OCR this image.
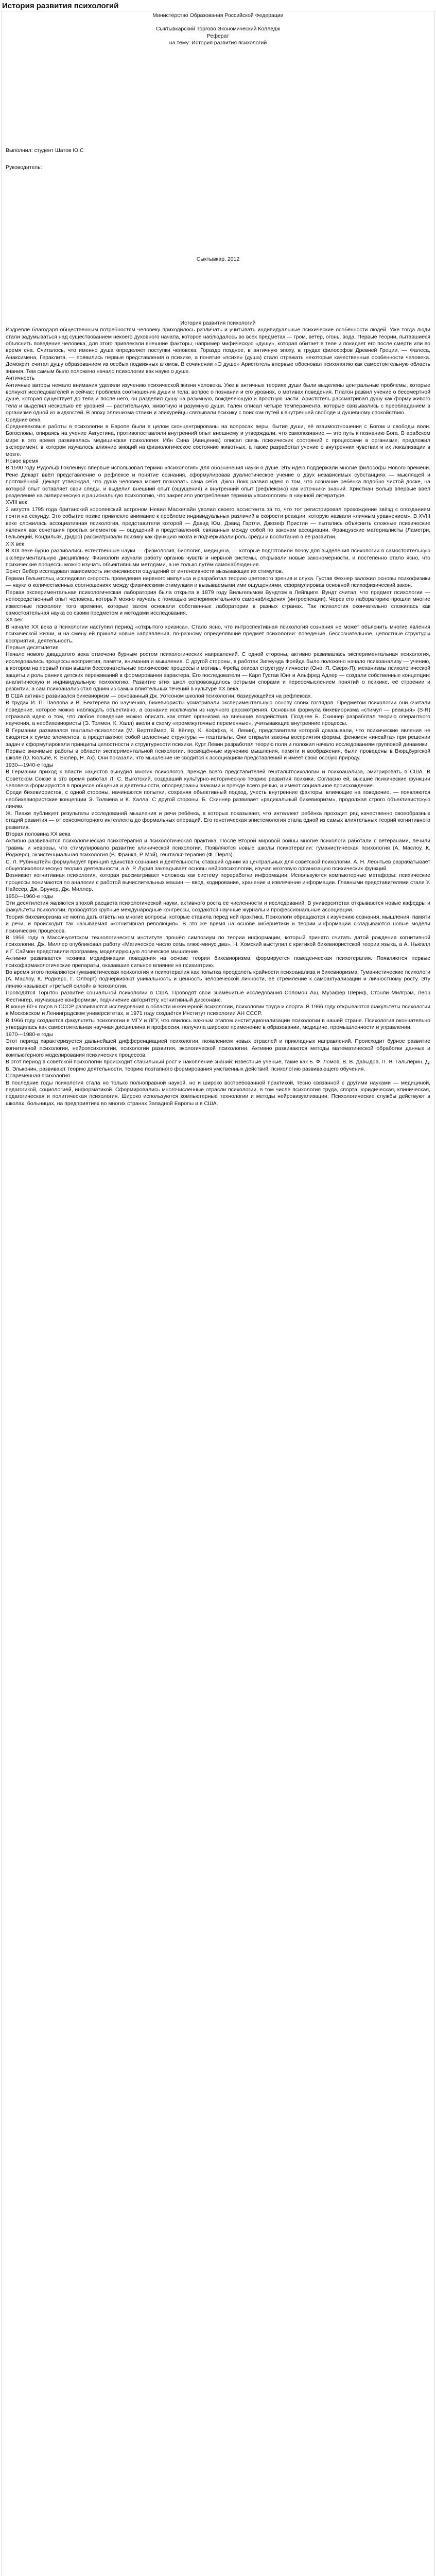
История развития психологий

Министерство Образования Российской Федерации

Сыктывкарский Торгово Экономический Колледж

Реферат

на тему: История развития психологий

Выполнил: студент Шатов Ю.С

Руководитель:

Сыктывкар, 2012

История развития психологий

Издревле благодаря общественным потребностям человеку приходилось различать и учитывать индивидуальные психические особенности людей. Уже тогда люди стали задумываться над существованием некоего духовного начала, которое наблюдалось во всех предметах — гром, ветер, огонь, вода. Первые теории, пытавшиеся объяснить поведение человека, для этого привлекали внешние факторы, например мифическую «душу», которая обитает в теле и покидает его после смерти или во время сна. Считалось, что именно душа определяет поступки человека. Гораздо позднее, в античную эпоху, в трудах философов Древней Греции, — Фалеса, Анаксимена, Гераклита, — появились первые представления о психике, а понятие «психе» (душа) стало отражать некоторые качественные особенности человека. Демокрит считал душу образованием из особых подвижных атомов. В сочинении «О душе» Аристотель впервые обосновал психологию как самостоятельную область знания. Тем самым было положено начало психологии как науке о душе.

Античность

Античные авторы немало внимания уделяли изучению психической жизни человека. Уже в античных теориях души были выделены центральные проблемы, которые волнуют исследователей и сейчас: проблема соотношения души и тела, вопрос о познании и его уровнях, о мотивах поведения. Платон развил учение о бессмертной душе, которая существует до тела и после него, он разделил душу на разумную, вожделеющую и яростную части. Аристотель рассматривал душу как форму живого тела и выделил несколько её уровней — растительную, животную и разумную души. Гален описал четыре темперамента, которые связывались с преобладанием в организме одной из жидкостей. В эпоху эллинизма стоики и эпикурейцы связывали психику с поиском путей к внутренней свободе и душевному спокойствию.

Средние века

Средневековые работы в психологии в Европе были в целом сконцентрированы на вопросах веры, бытия души, её взаимоотношения с Богом и свободы воли. Богословы, опираясь на учение Августина, противопоставляли внутренний опыт внешнему и утверждали, что самопознание — это путь к познанию Бога. В арабском мире в это время развивалась медицинская психология: Ибн Сина (Авиценна) описал связь психических состояний с процессами в организме, предложил эксперимент, в котором изучалось влияние эмоций на физиологическое состояние животных, а также разработал учение о внутренних чувствах и их локализации в мозге.

Новое время

В 1590 году Рудольф Гоклениус впервые использовал термин «психология» для обозначения науки о душе. Эту идею поддержали многие философы Нового времени. Рене Декарт ввёл представление о рефлексе и понятие сознания, сформулировав дуалистическое учение о двух независимых субстанциях — мыслящей и протяжённой. Декарт утверждал, что душа человека может познавать сама себя. Джон Локк развил идею о том, что сознание ребёнка подобно чистой доске, на которой опыт оставляет свои следы, и выделил внешний опыт (ощущения) и внутренний опыт (рефлексию) как источники знаний. Христиан Вольф впервые ввёл разделение на эмпирическую и рациональную психологию, что закрепило употребление термина «психология» в научной литературе.

XVIII век

2 августа 1795 года британский королевский астроном Невил Маскелайн уволил своего ассистента за то, что тот регистрировал прохождение звёзд с опозданием почти на секунду. Это событие позже привлекло внимание к проблеме индивидуальных различий в скорости реакции, которую назвали «личным уравнением». В XVIII веке сложилась ассоциативная психология, представители которой — Давид Юм, Дэвид Гартли, Джозеф Пристли — пытались объяснить сложные психические явления как сочетания простых элементов — ощущений и представлений, связанных между собой по законам ассоциации. Французские материалисты (Ламетри, Гельвеций, Кондильяк, Дидро) рассматривали психику как функцию мозга и подчёркивали роль среды и воспитания в её развитии.

XIX век

В XIX веке бурно развивались естественные науки — физиология, биология, медицина, — которые подготовили почву для выделения психологии в самостоятельную экспериментальную дисциплину. Физиологи изучали работу органов чувств и нервной системы, открывали новые закономерности, и постепенно стало ясно, что психические процессы можно изучать объективными методами, а не только путём самонаблюдения.

Эрнст Вебер исследовал зависимость интенсивности ощущений от интенсивности вызывающих их стимулов.

Герман Гельмгольц исследовал скорость проведения нервного импульса и разработал теорию цветового зрения и слуха. Густав Фехнер заложил основы психофизики — науки о количественных соотношениях между физическими стимулами и вызываемыми ими ощущениями, сформулировав основной психофизический закон.

Первая экспериментальная психологическая лаборатория была открыта в 1879 году Вильгельмом Вундтом в Лейпциге. Вундт считал, что предмет психологии — непосредственный опыт человека, который можно изучать с помощью экспериментального самонаблюдения (интроспекции). Через его лабораторию прошли многие известные психологи того времени, которые затем основали собственные лаборатории в разных странах. Так психология окончательно сложилась как самостоятельная наука со своим предметом и методами исследования.

XX век

В начале XX века в психологии наступил период «открытого кризиса». Стало ясно, что интроспективная психология сознания не может объяснить многие явления психической жизни, и на смену ей пришли новые направления, по-разному определявшие предмет психологии: поведение, бессознательное, целостные структуры восприятия, деятельность.

Первые десятилетия

Начало нового двадцатого века отмечено бурным ростом психологических направлений. С одной стороны, активно развивалась экспериментальная психология, исследовались процессы восприятия, памяти, внимания и мышления. С другой стороны, в работах Зигмунда Фрейда было положено начало психоанализу — учению, в котором на первый план вышли бессознательные психические процессы и мотивы. Фрейд описал структуру личности (Оно, Я, Сверх-Я), механизмы психологической защиты и роль ранних детских переживаний в формировании характера. Его последователи — Карл Густав Юнг и Альфред Адлер — создали собственные концепции: аналитическую и индивидуальную психологию. Развитие этих школ сопровождалось острыми спорами и переосмыслением понятий о психике, её строении и развитии, а сам психоанализ стал одним из самых влиятельных течений в культуре XX века.

В США активно развивался бихевиоризм — основанный Дж. Уотсоном школой психологии, базирующейся на рефлексах.

В трудах И. П. Павлова и В. Бехтерева по научению, бихевиористы усматривали экспериментальную основу своих взглядов. Предметом психологии они считали поведение, которое можно наблюдать объективно, а сознание исключали из научного рассмотрения. Основная формула бихевиоризма «стимул — реакция» (S-R) отражала идею о том, что любое поведение можно описать как ответ организма на внешние воздействия. Позднее Б. Скиннер разработал теорию оперантного научения, а необихевиористы (Э. Толмен, К. Халл) ввели в схему «промежуточные переменные», учитывающие внутренние процессы.

В Германии развивался гештальт-психологии (М. Вертгеймер, В. Кёлер, К. Коффка, К. Левин), представители которой доказывали, что психические явления не сводятся к сумме элементов, а представляют собой целостные структуры — гештальты. Они открыли законы восприятия формы, феномен «инсайта» при решении задач и сформулировали принципы целостности и структурности психики. Курт Левин разработал теорию поля и положил начало исследованиям групповой динамики.

Первые значимые работы в области экспериментальной психологии, посвящённые изучению мышления, памяти и воображения, были проведены в Вюрцбургской школе (О. Кюльпе, К. Бюлер, Н. Ах). Они показали, что мышление не сводится к ассоциациям представлений и имеет свою особую природу.

1930—1940-е годы

В Германии приход к власти нацистов вынудил многих психологов, прежде всего представителей гештальтпсихологии и психоанализа, эмигрировать в США. В Советском Союзе в это время работал Л. С. Выготский, создавший культурно-историческую теорию развития психики. Согласно ей, высшие психические функции человека формируются в процессе общения и деятельности, опосредованы знаками и прежде всего речью, и имеют социальное происхождение.

Среди бихевиористов, с одной стороны, начинаются попытки, сохраняя объективный подход, учесть внутренние факторы, влияющие на поведение, — появляются необихевиористские концепции Э. Толмена и К. Халла. С другой стороны, Б. Скиннер развивает «радикальный бихевиоризм», продолжая строго объективистскую линию.

Ж. Пиаже публикует результаты исследований мышления и речи ребёнка, в которых показывает, что интеллект ребёнка проходит ряд качественно своеобразных стадий развития — от сенсомоторного интеллекта до формальных операций. Его генетическая эпистемология стала одной из самых влиятельных теорий когнитивного развития.

Вторая половина XX века

Активно развиваются психологическая психотерапия и психологическая практика. После Второй мировой войны многие психологи работали с ветеранами, лечили травмы и неврозы, что стимулировало развитие клинической психологии. Появляются новые школы психотерапии: гуманистическая психология (А. Маслоу, К. Роджерс), экзистенциальная психология (В. Франкл, Р. Мэй), гештальт-терапия (Ф. Перлз).

С. Л. Рубинштейн формулирует принцип единства сознания и деятельности, ставший одним из центральных для советской психологии. А. Н. Леонтьев разрабатывает общепсихологическую теорию деятельности, а А. Р. Лурия закладывает основы нейропсихологии, изучая мозговую организацию психических функций.

Возникает когнитивная психология, которая рассматривает человека как систему переработки информации. Используются компьютерные метафоры: психические процессы понимаются по аналогии с работой вычислительных машин — ввод, кодирование, хранение и извлечение информации. Главными представителями стали У. Найссер, Дж. Брунер, Дж. Миллер.

1950—1960-е годы

Эти десятилетия являются эпохой расцвета психологической науки, активного роста ее численности и исследований. В университетах открываются новые кафедры и факультеты психологии, проводятся крупные международные конгрессы, создаются научные журналы и профессиональные ассоциации.

Теория бихевиоризма не могла дать ответы на многие вопросы, которые ставила перед ней практика. Психологи обращаются к изучению сознания, мышления, памяти и речи, и происходит так называемая «когнитивная революция». В это же время на основе кибернетики и теории информации складываются новые модели психических процессов.

В 1956 году в Массачусетском технологическом институте прошёл симпозиум по теории информации, который принято считать датой рождения когнитивной психологии. Дж. Миллер опубликовал работу «Магическое число семь плюс-минус два», Н. Хомский выступил с критикой бихевиористской теории языка, а А. Ньюэлл и Г. Саймон представили программу, моделирующую логическое мышление.

Активно развивается техника модификации поведения на основе теории бихевиоризма, формируется поведенческая психотерапия. Появляются первые психофармакологические препараты, оказавшие сильное влияние на психиатрию.

Во время этого появляются гуманистическая психология и психотерапия как попытка преодолеть крайности психоанализа и бихевиоризма. Гуманистические психологи (А. Маслоу, К. Роджерс, Г. Олпорт) подчёркивают уникальность и ценность человеческой личности, её стремление к самоактуализации и личностному росту. Эту линию называют «третьей силой» в психологии.

Проводятся Торнтон развитие социальной психологии в США. Проводят свои знаменитые исследования Соломон Аш, Музафер Шериф, Стэнли Милгрэм, Леон Фестингер, изучающие конформизм, подчинение авторитету, когнитивный диссонанс.

В конце 60-х годов в СССР развиваются исследования в области инженерной психологии, психологии труда и спорта. В 1966 году открываются факультеты психологии в Московском и Ленинградском университетах, в 1971 году создаётся Институт психологии АН СССР.

В 1966 году создаются факультеты психологии в МГУ и ЛГУ, что явилось важным этапом институционализации психологии в нашей стране. Психология окончательно утвердилась как самостоятельная научная дисциплина и профессия, получила широкое применение в образовании, медицине, промышленности и управлении.

1970—1980-е годы

Этот период характеризуется дальнейшей дифференциацией психологии, появлением новых отраслей и прикладных направлений. Происходит бурное развитие когнитивной психологии, нейропсихологии, психологии развития, экологической психологии. Активно развиваются методы математической обработки данных и компьютерного моделирования психических процессов.

В этот период в советской психологии происходит стабильный рост и накопление знаний: известные ученые, такие как Б. Ф. Ломов, В. В. Давыдов, П. Я. Гальперин, Д. Б. Эльконин, развивают теорию деятельности, теорию поэтапного формирования умственных действий, психологию развивающего обучения.

Современная психология

В последние годы психология стала но только полноправной наукой, но и широко востребованной практикой, тесно связанной с другими науками — медициной, педагогикой, социологией, информатикой. Сформировались многочисленные отрасли психологии, в том числе психология труда, спорта, юридическая, клиническая, педагогическая и политическая психология. Широко используются компьютерные технологии и методы нейровизуализации. Психологические службы действуют в школах, больницах, на предприятиях во многих странах Западной Европы и в США.
